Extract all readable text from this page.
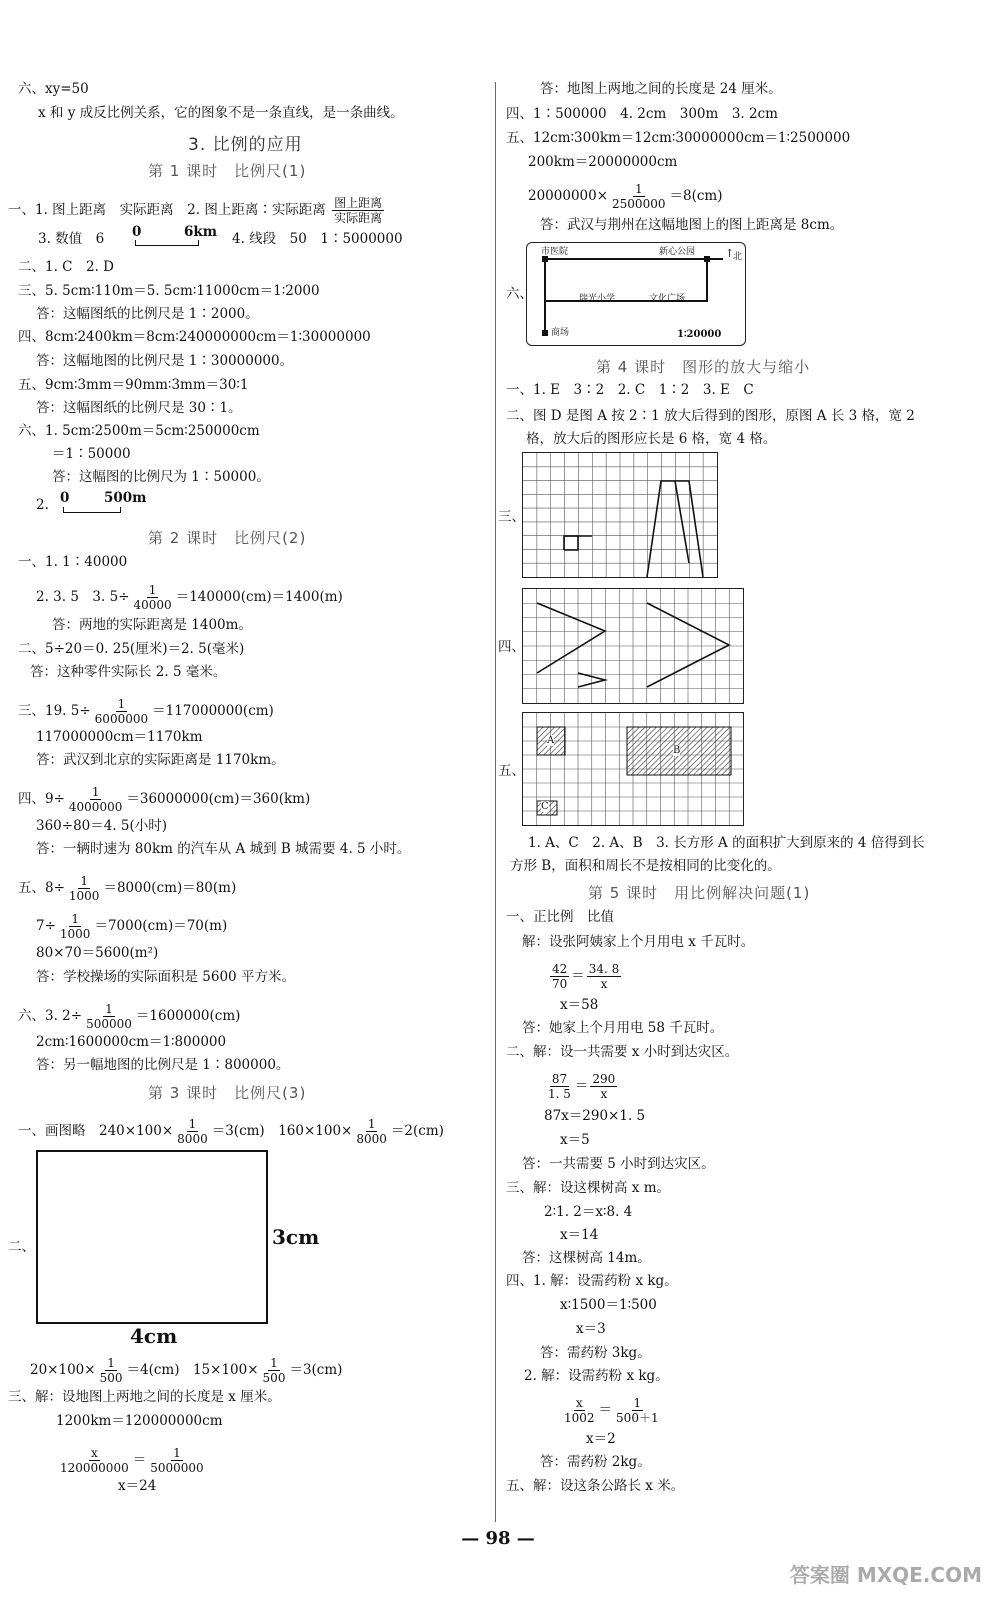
六、xy=50
x 和 y 成反比例关系，它的图象不是一条直线，是一条曲线。
3. 比例的应用
第 1 课时　比例尺(1)
一、1. 图上距离　实际距离　2. 图上距离∶实际距离 图上距离
实际距离
3. 数值　6 0	6km 4. 线段　50　1∶5000000
二、1. C　2. D
三、5. 5cm∶110m＝5. 5cm∶11000cm＝1∶2000
答：这幅图纸的比例尺是 1∶2000。
四、8cm∶2400km＝8cm∶240000000cm＝1∶30000000
答：这幅地图的比例尺是 1∶30000000。
五、9cm∶3mm＝90mm∶3mm＝30∶1
答：这幅图纸的比例尺是 30∶1。
六、1. 5cm∶2500m＝5cm∶250000cm
＝1∶50000
答：这幅图的比例尺为 1∶50000。
2. 0	500m
第 2 课时　比例尺(2)
一、1. 1∶40000
2. 3. 5　3. $5\div \frac{1}{40000} =140000(cm)=1400(m)$
答：两地的实际距离是 1400m。
二、5÷20＝0. 25(厘米)＝2. 5(毫米)
答：这种零件实际长 2. 5 毫米。
三、19. $5\div \frac{1}{6000000} =117000000(cm)$
117000000cm＝1170km
答：武汉到北京的实际距离是 1170km。
四、$9\div \frac{1}{4000000} =36000000(cm)=360(km)$
360÷80＝4. 5(小时)
答：一辆时速为 80km 的汽车从 A 城到 B 城需要 4. 5 小时。
五、$8\div \frac{1}{1000} =8000(cm)=80(m)$
$7\div \frac{1}{1000} =7000(cm)=70(m)$
80×70＝5600(m²)
答：学校操场的实际面积是 5600 平方米。
六、3. $2\div \frac{1}{500000} =1600000(cm)$
2cm∶1600000cm＝1∶800000
答：另一幅地图的比例尺是 1∶800000。
第 3 课时　比例尺(3)
一、画图略　$240\times 100\times \frac{1}{8000} =3(cm)$　$160\times 100\times \frac{1}{8000} =2(cm)$
二、	3cm
4cm
$20\times 100\times \frac{1}{500} =4(cm)$　$15\times 100\times \frac{1}{500} =3(cm)$
三、解：设地图上两地之间的长度是 x 厘米。
1200km＝120000000cm
$\frac{x}{120000000} = \frac{1}{5000000}$
x＝24
答：地图上两地之间的长度是 24 厘米。
四、1∶500000　4. 2cm　300m　3. 2cm
五、12cm∶300km＝12cm∶30000000cm＝1∶2500000
200km＝20000000cm
$20000000\times \frac{1}{2500000} =8(cm)$
答：武汉与荆州在这幅地图上的图上距离是 8cm。
六、
市医院	新心公园	↑
北
瑞光小学	文化广场
商场	1∶20000
第 4 课时　图形的放大与缩小
一、1. E　3∶2　2. C　1∶2　3. E　C
二、图 D 是图 A 按 2∶1 放大后得到的图形，原图 A 长 3 格，宽 2
格，放大后的图形应长是 6 格，宽 4 格。
三、
四、
五、
A
B
C
1. A、C　2. A、B　3. 长方形 A 的面积扩大到原来的 4 倍得到长
方形 B，面积和周长不是按相同的比变化的。
第 5 课时　用比例解决问题(1)
一、正比例　比值
解：设张阿姨家上个月用电 x 千瓦时。
$\frac{42}{70} = \frac{34. 8}{x}$
x＝58
答：她家上个月用电 58 千瓦时。
二、解：设一共需要 x 小时到达灾区。
$\frac{87}{1. 5} = \frac{290}{x}$
87x＝290×1. 5
x＝5
答：一共需要 5 小时到达灾区。
三、解：设这棵树高 x m。
2∶1. 2＝x∶8. 4
x＝14
答：这棵树高 14m。
四、1. 解：设需药粉 x kg。
x∶1500＝1∶500
x＝3
答：需药粉 3kg。
2. 解：设需药粉 x kg。
$\frac{x}{1002} = \frac{1}{500+1}$
x＝2
答：需药粉 2kg。
五、解：设这条公路长 x 米。
— 98 —
答案圈 MXQE.COM
